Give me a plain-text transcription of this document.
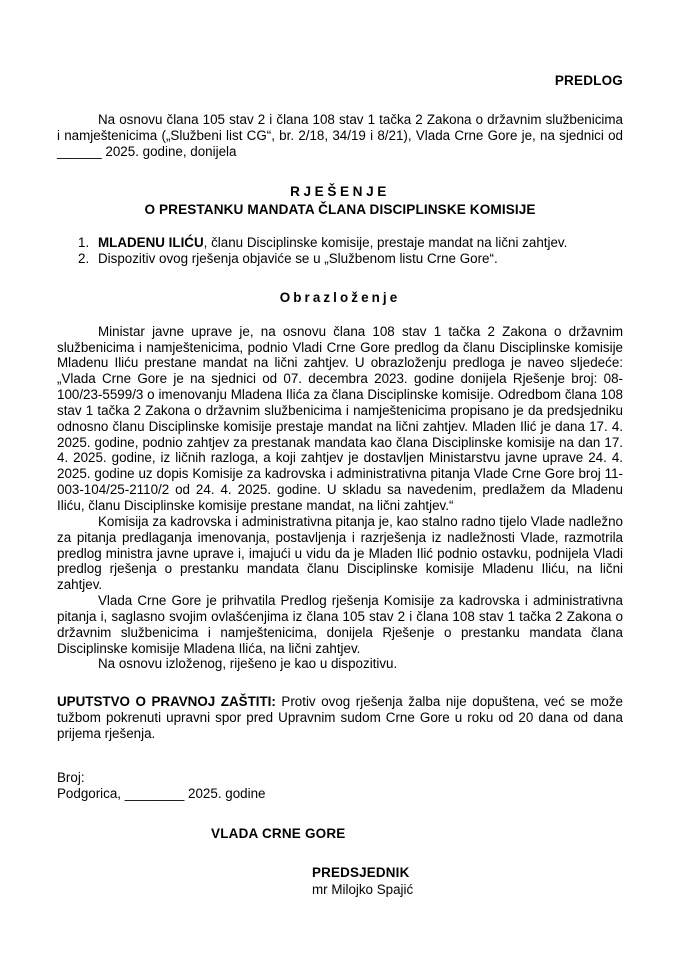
PREDLOG

Na osnovu člana 105 stav 2 i člana 108 stav 1 tačka 2 Zakona o državnim službenicima i namještenicima („Službeni list CG“, br. 2/18, 34/19 i 8/21), Vlada Crne Gore je, na sjednici od ______ 2025. godine, donijela

RJEŠENJE
O PRESTANKU MANDATA ČLANA DISCIPLINSKE KOMISIJE
1. MLADENU ILIĆU, članu Disciplinske komisije, prestaje mandat na lični zahtjev.
2. Dispozitiv ovog rješenja objaviće se u „Službenom listu Crne Gore“.
Obrazloženje

Ministar javne uprave je, na osnovu člana 108 stav 1 tačka 2 Zakona o državnim službenicima i namještenicima, podnio Vladi Crne Gore predlog da članu Disciplinske komisije Mladenu Iliću prestane mandat na lični zahtjev. U obrazloženju predloga je naveo sljedeće: „Vlada Crne Gore je na sjednici od 07. decembra 2023. godine donijela Rješenje broj: 08-100/23-5599/3 o imenovanju Mladena Ilića za člana Disciplinske komisije. Odredbom člana 108 stav 1 tačka 2 Zakona o državnim službenicima i namještenicima propisano je da predsjedniku odnosno članu Disciplinske komisije prestaje mandat na lični zahtjev. Mladen Ilić je dana 17. 4. 2025. godine, podnio zahtjev za prestanak mandata kao člana Disciplinske komisije na dan 17. 4. 2025. godine, iz ličnih razloga, a koji zahtjev je dostavljen Ministarstvu javne uprave 24. 4. 2025. godine uz dopis Komisije za kadrovska i administrativna pitanja Vlade Crne Gore broj 11-003-104/25-2110/2 od 24. 4. 2025. godine. U skladu sa navedenim, predlažem da Mladenu Iliću, članu Disciplinske komisije prestane mandat, na lični zahtjev.“

Komisija za kadrovska i administrativna pitanja je, kao stalno radno tijelo Vlade nadležno za pitanja predlaganja imenovanja, postavljenja i razrješenja iz nadležnosti Vlade, razmotrila predlog ministra javne uprave i, imajući u vidu da je Mladen Ilić podnio ostavku, podnijela Vladi predlog rješenja o prestanku mandata članu Disciplinske komisije Mladenu Iliću, na lični zahtjev.

Vlada Crne Gore je prihvatila Predlog rješenja Komisije za kadrovska i administrativna pitanja i, saglasno svojim ovlašćenjima iz člana 105 stav 2 i člana 108 stav 1 tačka 2 Zakona o državnim službenicima i namještenicima, donijela Rješenje o prestanku mandata člana Disciplinske komisije Mladena Ilića, na lični zahtjev.

Na osnovu izloženog, riješeno je kao u dispozitivu.

UPUTSTVO O PRAVNOJ ZAŠTITI: Protiv ovog rješenja žalba nije dopuštena, već se može tužbom pokrenuti upravni spor pred Upravnim sudom Crne Gore u roku od 20 dana od dana prijema rješenja.

Broj:
Podgorica, ________ 2025. godine
VLADA CRNE GORE
PREDSJEDNIK
mr Milojko Spajić
